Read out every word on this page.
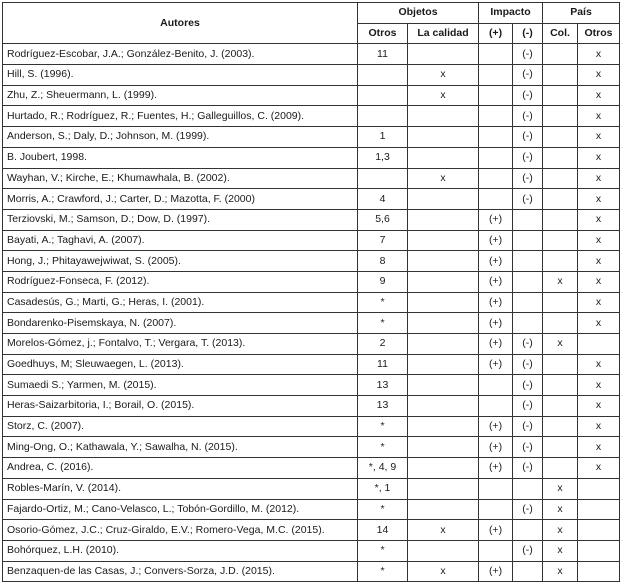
Autores	Objetos		Impacto		País	
	Otros	La calidad	(+)	(-)	Col.	Otros
Rodríguez-Escobar, J.A.; González-Benito, J. (2003).	11			(-)		x
Hill, S. (1996).		x		(-)		x
Zhu, Z.; Sheuermann, L. (1999).		x		(-)		x
Hurtado, R.; Rodríguez, R.; Fuentes, H.; Galleguillos, C. (2009).				(-)		x
Anderson, S.; Daly, D.; Johnson, M. (1999).	1			(-)		x
B. Joubert, 1998.	1,3			(-)		x
Wayhan, V.; Kirche, E.; Khumawhala, B. (2002).		x		(-)		x
Morris, A.; Crawford, J.; Carter, D.; Mazotta, F. (2000)	4			(-)		x
Terziovski, M.; Samson, D.; Dow, D. (1997).	5,6		(+)			x
Bayati, A.; Taghavi, A. (2007).	7		(+)			x
Hong, J.; Phitayawejwiwat, S. (2005).	8		(+)			x
Rodríguez-Fonseca, F. (2012).	9		(+)		x	x
Casadesús, G.; Marti, G.; Heras, I. (2001).	*		(+)			x
Bondarenko-Pisemskaya, N. (2007).	*		(+)			x
Morelos-Gómez, j.; Fontalvo, T.; Vergara, T. (2013).	2		(+)	(-)	x	
Goedhuys, M; Sleuwaegen, L. (2013).	11		(+)	(-)		x
Sumaedi S.; Yarmen, M. (2015).	13			(-)		x
Heras-Saizarbitoria, I.; Borail, O. (2015).	13			(-)		x
Storz, C. (2007).	*		(+)	(-)		x
Ming-Ong, O.; Kathawala, Y.; Sawalha, N. (2015).	*		(+)	(-)		x
Andrea, C. (2016).	*, 4, 9		(+)	(-)		x
Robles-Marín, V. (2014).	*, 1				x	
Fajardo-Ortiz, M.; Cano-Velasco, L.; Tobón-Gordillo, M. (2012).	*			(-)	x	
Osorio-Gómez, J.C.; Cruz-Giraldo, E.V.; Romero-Vega, M.C. (2015).	14	x	(+)		x	
Bohórquez, L.H. (2010).	*			(-)	x	
Benzaquen-de las Casas, J.; Convers-Sorza, J.D. (2015).	*	x	(+)		x	
